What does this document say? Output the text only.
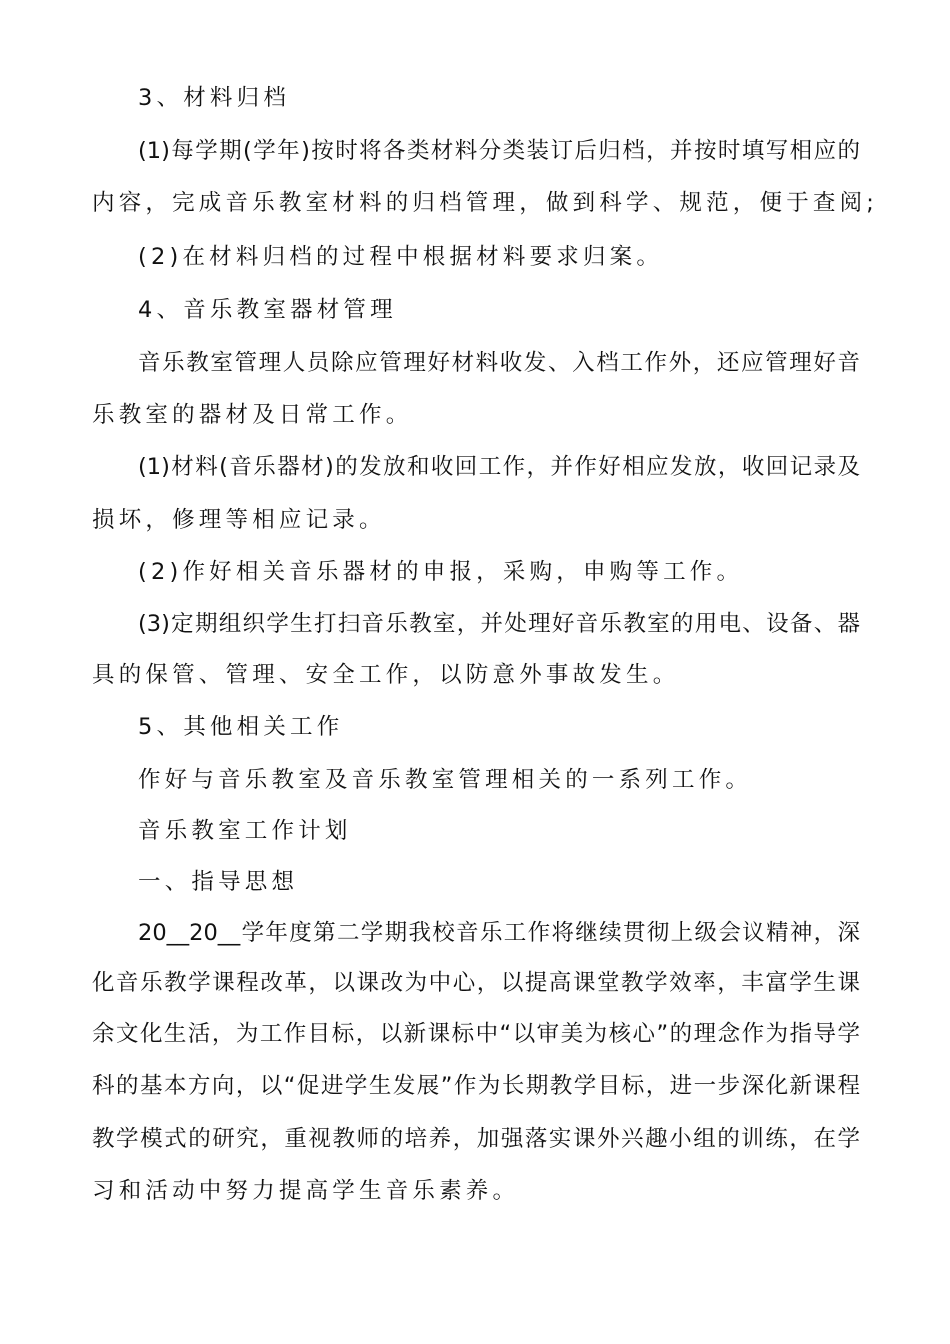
3、材料归档
(1)每学期(学年)按时将各类材料分类装订后归档，并按时填写相应的
内容，完成音乐教室材料的归档管理，做到科学、规范，便于查阅;
(2)在材料归档的过程中根据材料要求归案。
4、音乐教室器材管理
音乐教室管理人员除应管理好材料收发、入档工作外，还应管理好音
乐教室的器材及日常工作。
(1)材料(音乐器材)的发放和收回工作，并作好相应发放，收回记录及
损坏，修理等相应记录。
(2)作好相关音乐器材的申报，采购，申购等工作。
(3)定期组织学生打扫音乐教室，并处理好音乐教室的用电、设备、器
具的保管、管理、安全工作，以防意外事故发生。
5、其他相关工作
作好与音乐教室及音乐教室管理相关的一系列工作。
音乐教室工作计划
一、指导思想
20__20__学年度第二学期我校音乐工作将继续贯彻上级会议精神，深
化音乐教学课程改革，以课改为中心，以提高课堂教学效率，丰富学生课
余文化生活，为工作目标，以新课标中“以审美为核心”的理念作为指导学
科的基本方向，以“促进学生发展”作为长期教学目标，进一步深化新课程
教学模式的研究，重视教师的培养，加强落实课外兴趣小组的训练，在学
习和活动中努力提高学生音乐素养。
